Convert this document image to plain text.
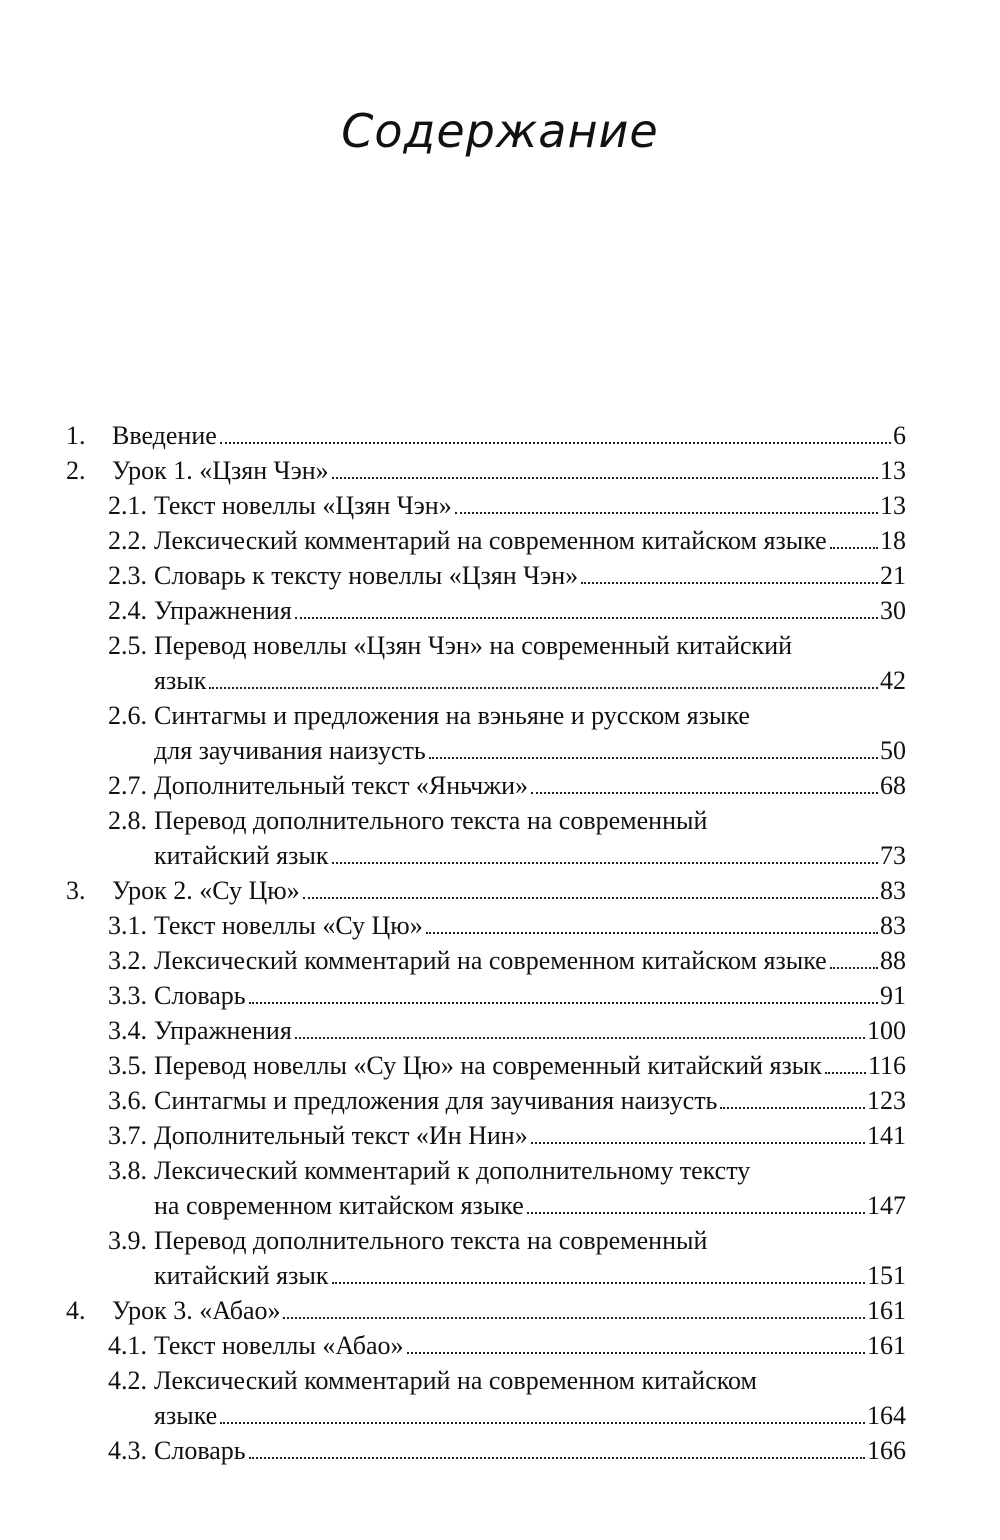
Содержание
1. Введение	6
2. Урок 1. «Цзян Чэн»	13
2.1. Текст новеллы «Цзян Чэн»	13
2.2. Лексический комментарий на современном китайском языке 18
2.3. Словарь к тексту новеллы «Цзян Чэн»	21
2.4. Упражнения	30
2.5. Перевод новеллы «Цзян Чэн» на современный китайский
язык	42
2.6. Синтагмы и предложения на вэньяне и русском языке
для заучивания наизусть	50
2.7. Дополнительный текст «Яньчжи»	68
2.8. Перевод дополнительного текста на современный
китайский язык	73
3. Урок 2. «Су Цю»	83
3.1. Текст новеллы «Су Цю»	83
3.2. Лексический комментарий на современном китайском языке 88
3.3. Словарь	91
3.4. Упражнения	100
3.5. Перевод новеллы «Су Цю» на современный китайский язык 116
3.6. Синтагмы и предложения для заучивания наизусть	123
3.7. Дополнительный текст «Ин Нин»	141
3.8. Лексический комментарий к дополнительному тексту
на современном китайском языке	147
3.9. Перевод дополнительного текста на современный
китайский язык	151
4. Урок 3. «Абао»	161
4.1. Текст новеллы «Абао»	161
4.2. Лексический комментарий на современном китайском
языке	164
4.3. Словарь	166
